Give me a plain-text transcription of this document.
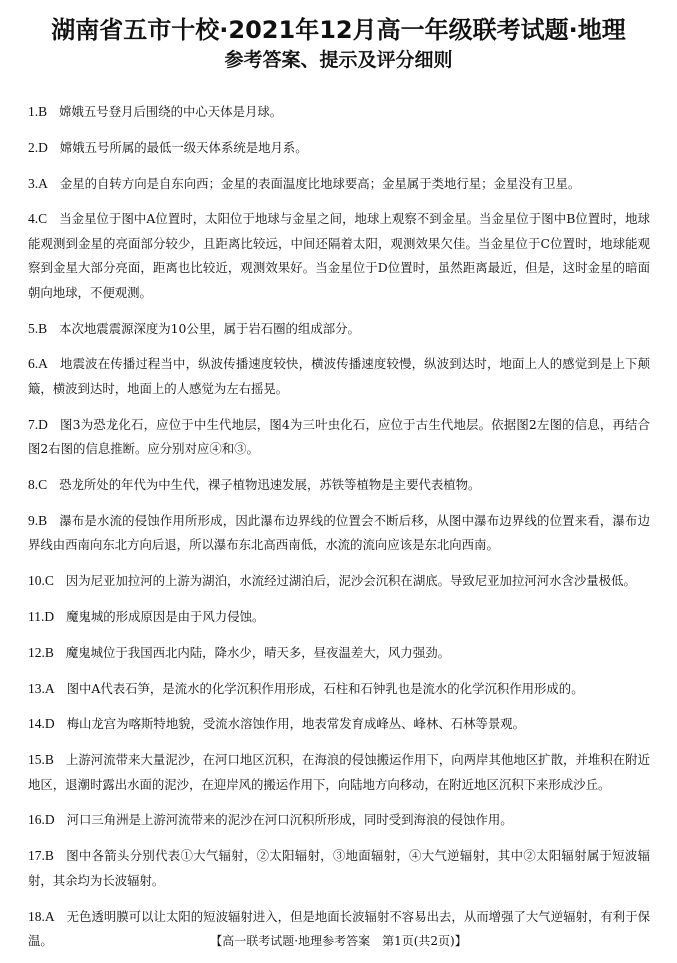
湖南省五市十校·2021年12月高一年级联考试题·地理
参考答案、提示及评分细则
1.B 嫦娥五号登月后围绕的中心天体是月球。
2.D 嫦娥五号所属的最低一级天体系统是地月系。
3.A 金星的自转方向是自东向西；金星的表面温度比地球要高；金星属于类地行星；金星没有卫星。
4.C 当金星位于图中A位置时，太阳位于地球与金星之间，地球上观察不到金星。当金星位于图中B位置时，地球能观测到金星的亮面部分较少，且距离比较远，中间还隔着太阳，观测效果欠佳。当金星位于C位置时，地球能观察到金星大部分亮面，距离也比较近，观测效果好。当金星位于D位置时，虽然距离最近，但是，这时金星的暗面朝向地球，不便观测。
5.B 本次地震震源深度为10公里，属于岩石圈的组成部分。
6.A 地震波在传播过程当中，纵波传播速度较快，横波传播速度较慢，纵波到达时，地面上人的感觉到是上下颠簸，横波到达时，地面上的人感觉为左右摇晃。
7.D 图3为恐龙化石，应位于中生代地层，图4为三叶虫化石，应位于古生代地层。依据图2左图的信息，再结合图2右图的信息推断。应分别对应④和③。
8.C 恐龙所处的年代为中生代，裸子植物迅速发展，苏铁等植物是主要代表植物。
9.B 瀑布是水流的侵蚀作用所形成，因此瀑布边界线的位置会不断后移，从图中瀑布边界线的位置来看，瀑布边界线由西南向东北方向后退，所以瀑布东北高西南低，水流的流向应该是东北向西南。
10.C 因为尼亚加拉河的上游为湖泊，水流经过湖泊后，泥沙会沉积在湖底。导致尼亚加拉河河水含沙量极低。
11.D 魔鬼城的形成原因是由于风力侵蚀。
12.B 魔鬼城位于我国西北内陆，降水少，晴天多，昼夜温差大，风力强劲。
13.A 图中A代表石笋，是流水的化学沉积作用形成，石柱和石钟乳也是流水的化学沉积作用形成的。
14.D 梅山龙宫为喀斯特地貌，受流水溶蚀作用，地表常发育成峰丛、峰林、石林等景观。
15.B 上游河流带来大量泥沙，在河口地区沉积，在海浪的侵蚀搬运作用下，向两岸其他地区扩散，并堆积在附近地区，退潮时露出水面的泥沙，在迎岸风的搬运作用下，向陆地方向移动，在附近地区沉积下来形成沙丘。
16.D 河口三角洲是上游河流带来的泥沙在河口沉积所形成，同时受到海浪的侵蚀作用。
17.B 图中各箭头分别代表①大气辐射，②太阳辐射，③地面辐射，④大气逆辐射，其中②太阳辐射属于短波辐射，其余均为长波辐射。
18.A 无色透明膜可以让太阳的短波辐射进入，但是地面长波辐射不容易出去，从而增强了大气逆辐射，有利于保温。	【高一联考试题·地理参考答案　第1页(共2页)】
